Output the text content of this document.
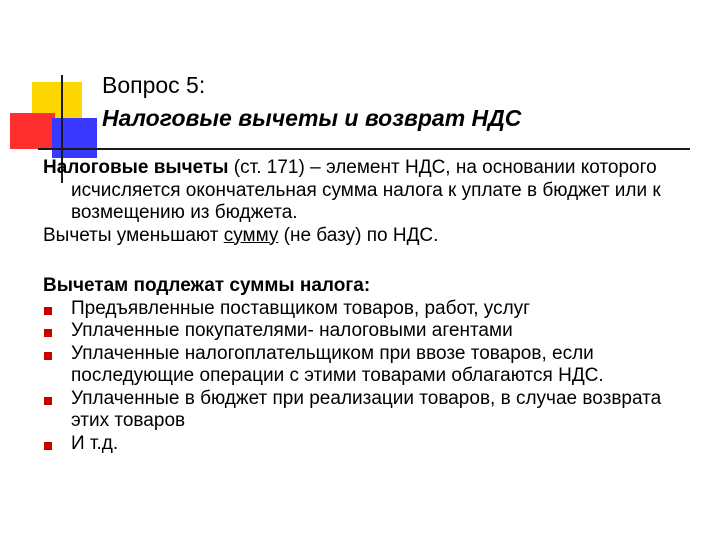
Вопрос 5:
Налоговые вычеты и возврат НДС

Налоговые вычеты (ст. 171) – элемент НДС, на основании которого исчисляется окончательная сумма налога к уплате в бюджет или к возмещению из бюджета.

Вычеты уменьшают сумму (не базу) по НДС.

Вычетам подлежат суммы налога:

Предъявленные поставщиком товаров, работ, услуг
Уплаченные покупателями- налоговыми агентами
Уплаченные налогоплательщиком при ввозе товаров, если последующие операции с этими товарами облагаются НДС.
Уплаченные в бюджет при реализации товаров, в случае возврата этих товаров
И т.д.
